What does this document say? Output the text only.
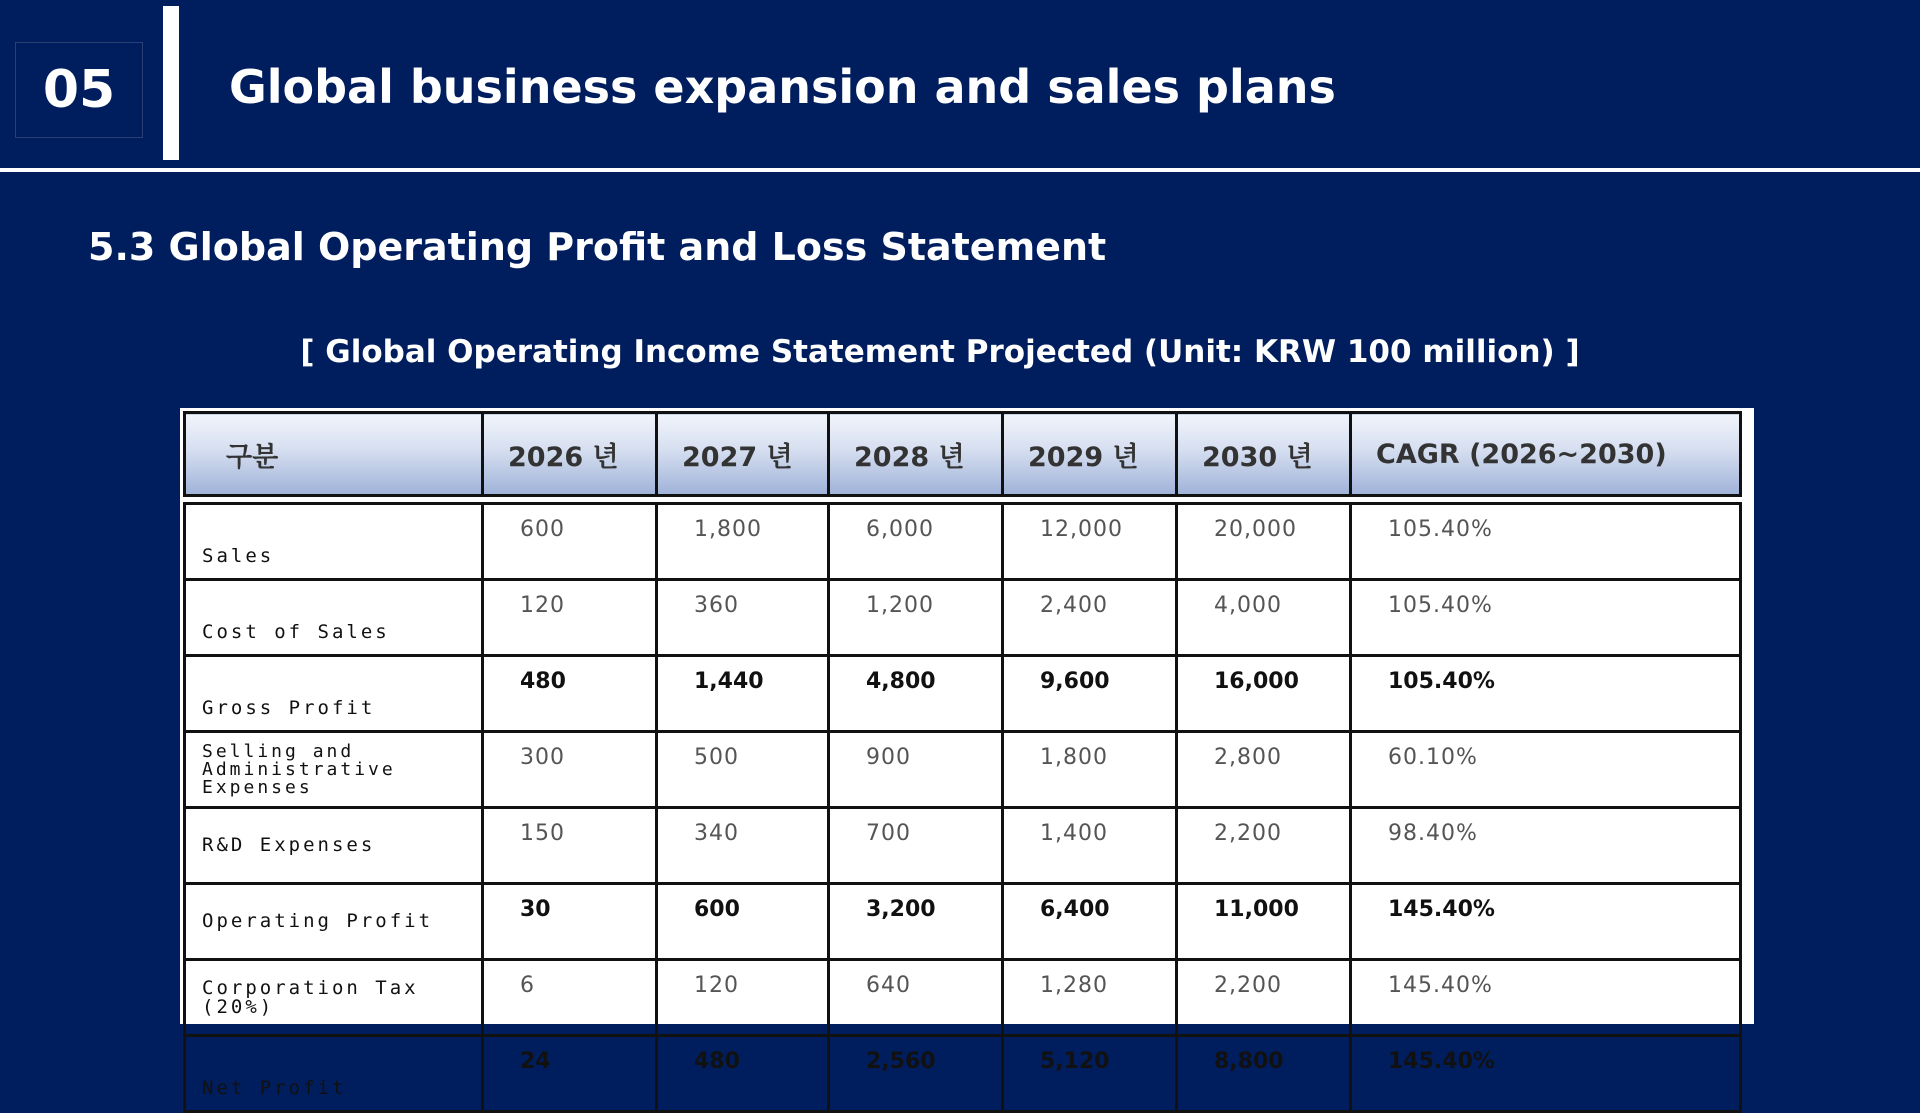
05	Global business expansion and sales plans
5.3 Global Operating Profit and Loss Statement
[ Global Operating Income Statement Projected (Unit: KRW 100 million) ]
구분	2026 년	2027 년	2028 년	2029 년	2030 년	CAGR (2026~2030)

Sales	600	1,800	6,000	12,000	20,000	105.40%
Cost of Sales	120	360	1,200	2,400	4,000	105.40%
Gross Profit	480	1,440	4,800	9,600	16,000	105.40%
Selling and Administrative Expenses	300	500	900	1,800	2,800	60.10%
R&D Expenses	150	340	700	1,400	2,200	98.40%
Operating Profit	30	600	3,200	6,400	11,000	145.40%
Corporation Tax (20%)	6	120	640	1,280	2,200	145.40%
Net Profit	24	480	2,560	5,120	8,800	145.40%
